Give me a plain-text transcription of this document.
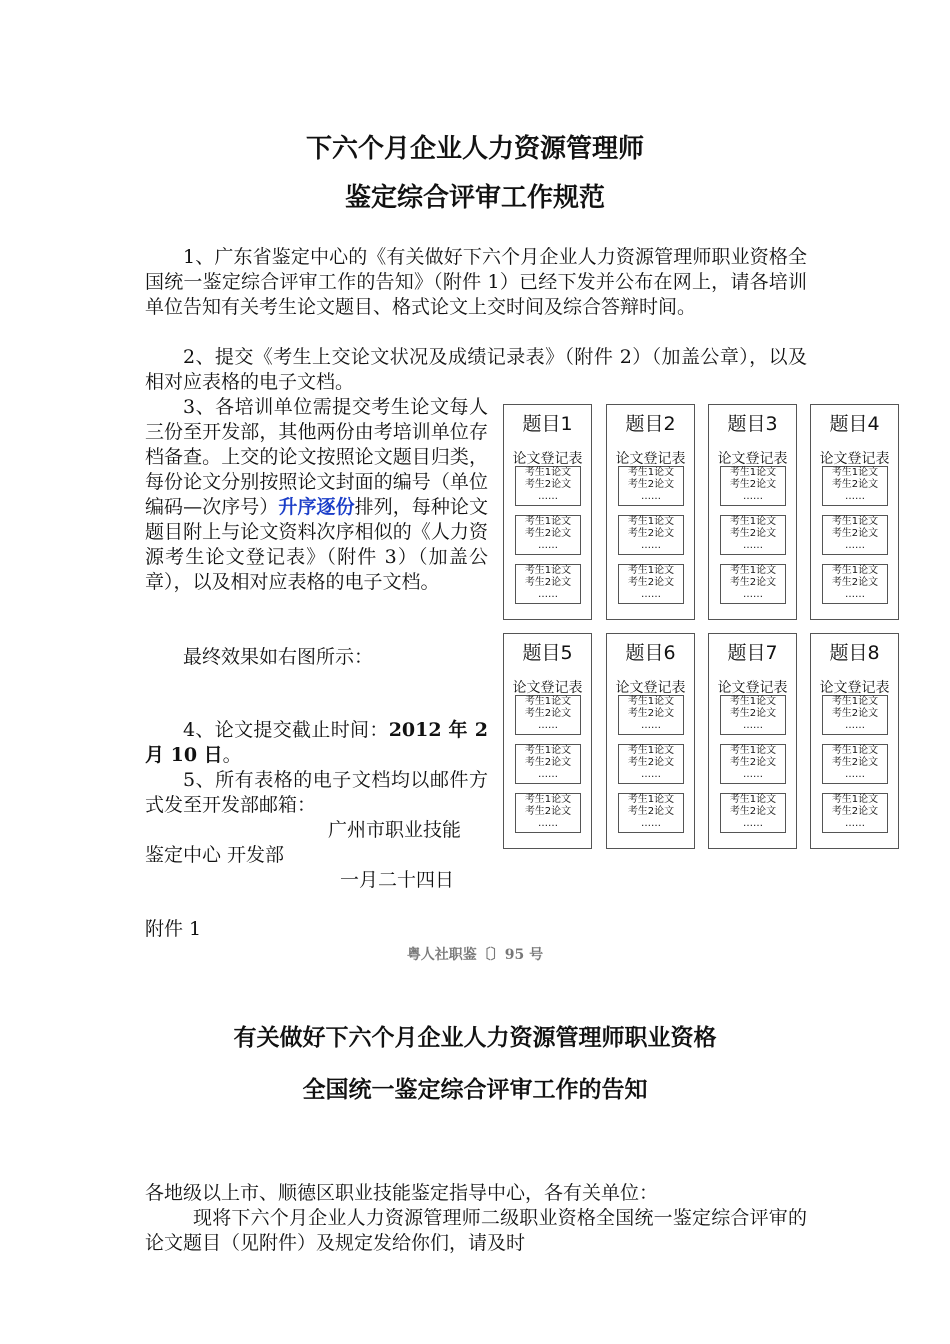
下六个月企业人力资源管理师
鉴定综合评审工作规范
1、广东省鉴定中心的《有关做好下六个月企业人力资源管理师职业资格全国统一鉴定综合评审工作的告知》（附件 1）已经下发并公布在网上，请各培训单位告知有关考生论文题目、格式论文上交时间及综合答辩时间。
2、提交《考生上交论文状况及成绩记录表》（附件 2）（加盖公章），以及相对应表格的电子文档。
3、各培训单位需提交考生论文每人三份至开发部，其他两份由考培训单位存档备查。上交的论文按照论文题目归类，每份论文分别按照论文封面的编号（单位编码—次序号）升序逐份排列，每种论文题目附上与论文资料次序相似的《人力资源考生论文登记表》（附件 3）（加盖公章），以及相对应表格的电子文档。
最终效果如右图所示：
4、论文提交截止时间：2012 年 2 月 10 日。
5、所有表格的电子文档均以邮件方式发至开发部邮箱：
广州市职业技能
鉴定中心 开发部
一月二十四日
附件 1
粤人社职鉴〔〕95 号
有关做好下六个月企业人力资源管理师职业资格
全国统一鉴定综合评审工作的告知
各地级以上市、顺德区职业技能鉴定指导中心，各有关单位：
现将下六个月企业人力资源管理师二级职业资格全国统一鉴定综合评审的论文题目（见附件）及规定发给你们，请及时
题目1
论文登记表
考生1论文
考生2论文
……
考生1论文
考生2论文
……
考生1论文
考生2论文
……
题目2
论文登记表
考生1论文
考生2论文
……
考生1论文
考生2论文
……
考生1论文
考生2论文
……
题目3
论文登记表
考生1论文
考生2论文
……
考生1论文
考生2论文
……
考生1论文
考生2论文
……
题目4
论文登记表
考生1论文
考生2论文
……
考生1论文
考生2论文
……
考生1论文
考生2论文
……
题目5
论文登记表
考生1论文
考生2论文
……
考生1论文
考生2论文
……
考生1论文
考生2论文
……
题目6
论文登记表
考生1论文
考生2论文
……
考生1论文
考生2论文
……
考生1论文
考生2论文
……
题目7
论文登记表
考生1论文
考生2论文
……
考生1论文
考生2论文
……
考生1论文
考生2论文
……
题目8
论文登记表
考生1论文
考生2论文
……
考生1论文
考生2论文
……
考生1论文
考生2论文
……
